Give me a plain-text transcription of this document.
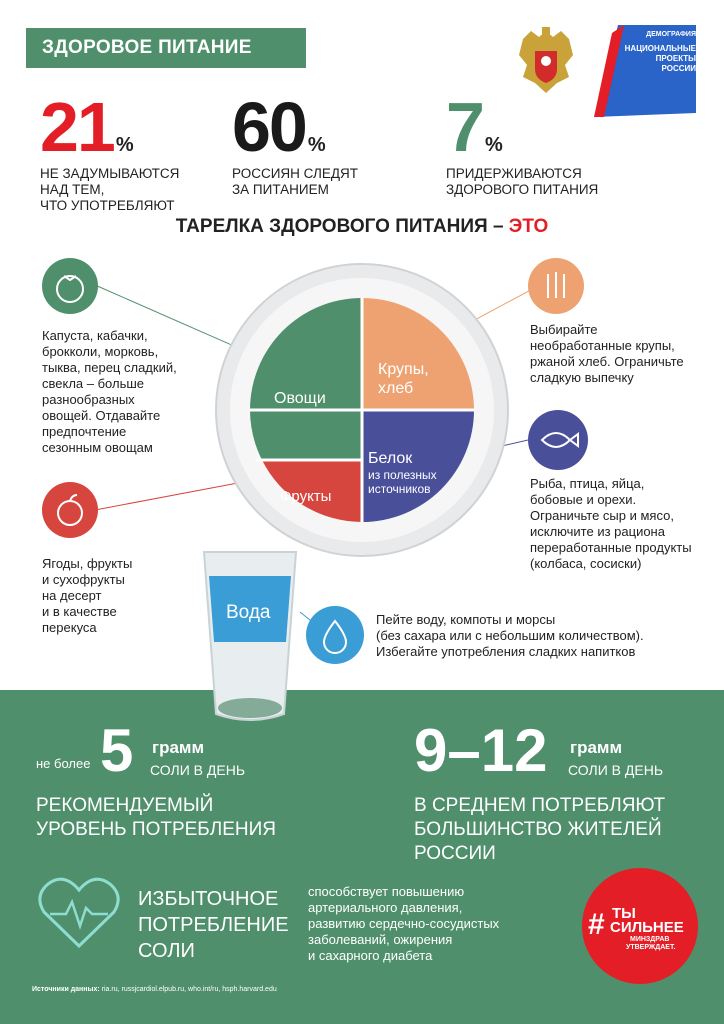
ЗДОРОВОЕ ПИТАНИЕ
ДЕМОГРАФИЯ
НАЦИОНАЛЬНЫЕ
ПРОЕКТЫ
РОССИИ
21 %
НЕ ЗАДУМЫВАЮТСЯ
НАД ТЕМ,
ЧТО УПОТРЕБЛЯЮТ
60 %
РОССИЯН СЛЕДЯТ
ЗА ПИТАНИЕМ
7 %
ПРИДЕРЖИВАЮТСЯ
ЗДОРОВОГО ПИТАНИЯ
ТАРЕЛКА ЗДОРОВОГО ПИТАНИЯ – ЭТО
Овощи
Крупы,
хлеб
Белок
из полезных
источников
Фрукты
Капуста, кабачки,
брокколи, морковь,
тыква, перец сладкий,
свекла – больше
разнообразных
овощей. Отдавайте
предпочтение
сезонным овощам
Ягоды, фрукты
и сухофрукты
на десерт
и в качестве
перекуса
Выбирайте
необработанные крупы,
ржаной хлеб. Ограничьте
сладкую выпечку
Рыба, птица, яйца,
бобовые и орехи.
Ограничьте сыр и мясо,
исключите из рациона
переработанные продукты
(колбаса, сосиски)
Пейте воду, компоты и морсы
(без сахара или с небольшим количеством).
Избегайте употребления сладких напитков
Вода
не более 5 грамм
СОЛИ В ДЕНЬ
РЕКОМЕНДУЕМЫЙ
УРОВЕНЬ ПОТРЕБЛЕНИЯ
9–12 грамм
СОЛИ В ДЕНЬ
В СРЕДНЕМ ПОТРЕБЛЯЮТ
БОЛЬШИНСТВО ЖИТЕЛЕЙ
РОССИИ
ИЗБЫТОЧНОЕ
ПОТРЕБЛЕНИЕ
СОЛИ
способствует повышению
артериального давления,
развитию сердечно-сосудистых
заболеваний, ожирения
и сахарного диабета
# ТЫ
СИЛЬНЕЕ
МИНЗДРАВ
УТВЕРЖДАЕТ.
Источники данных: ria.ru, russjcardiol.elpub.ru, who.int/ru, hsph.harvard.edu
